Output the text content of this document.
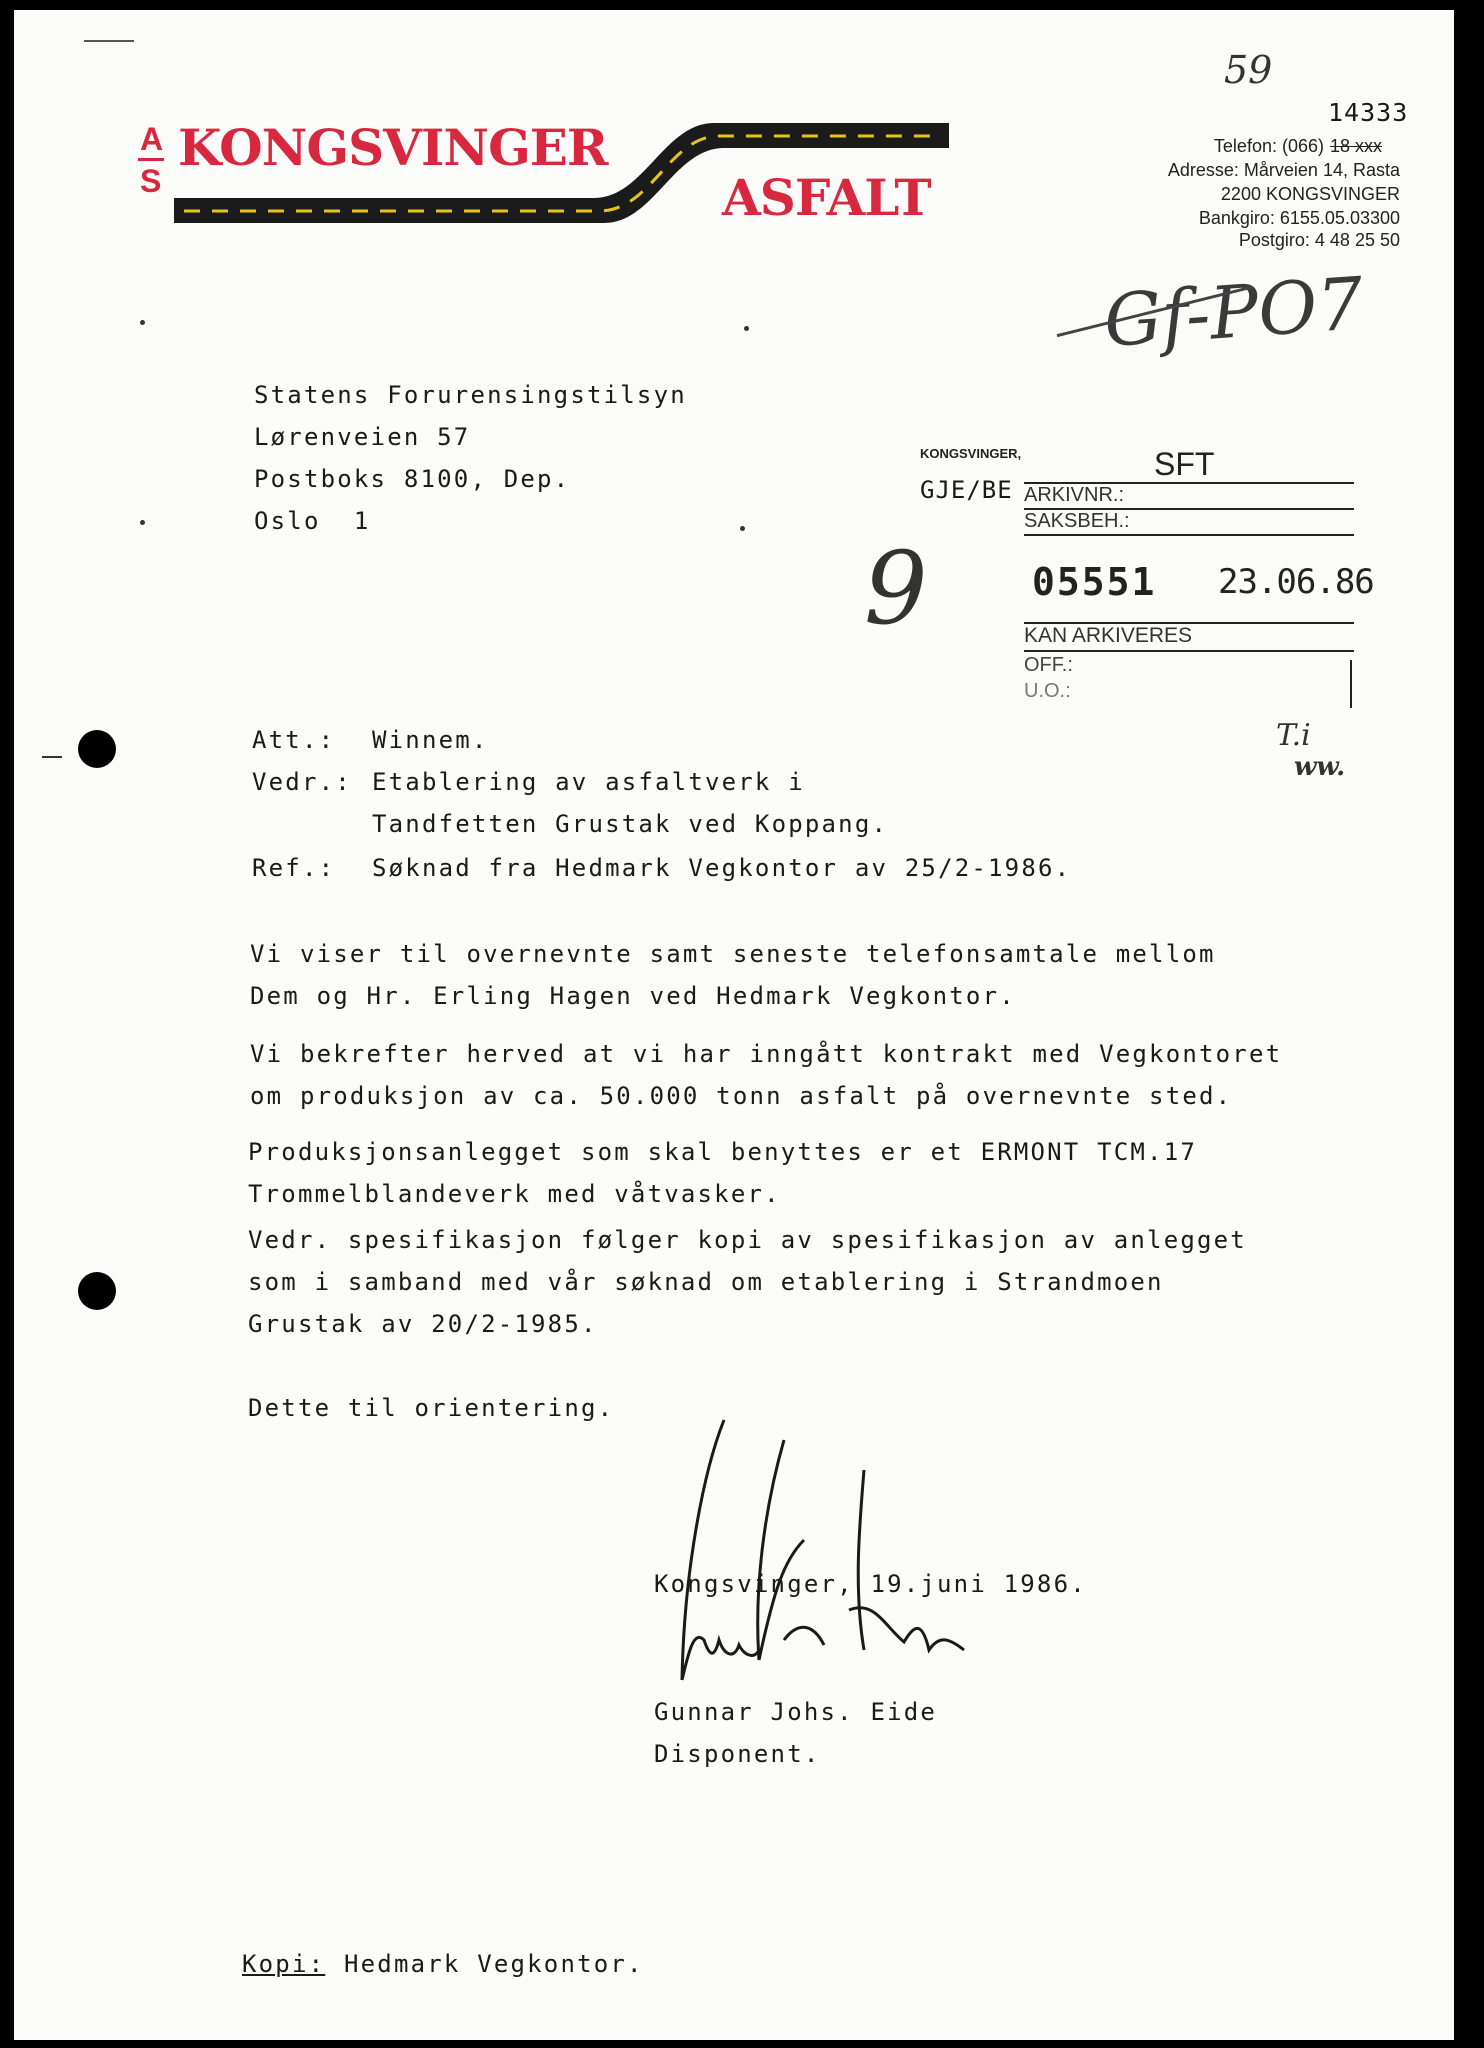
59
A
S
KONGSVINGER
ASFALT
14333
Telefon: (066) 18 xxx
Adresse: Mårveien 14, Rasta
2200 KONGSVINGER
Bankgiro: 6155.05.03300
Postgiro: 4 48 25 50
Gf-PO7
Statens Forurensingstilsyn
Lørenveien 57
Postboks 8100, Dep.
Oslo  1
KONGSVINGER,
GJE/BE
9
SFT
ARKIVNR.:
SAKSBEH.:
05551 23.06.86
KAN ARKIVERES
OFF.:
U.O.:
T.i
ww.
Att.: Winnem.
Vedr.: Etablering av asfaltverk i
Tandfetten Grustak ved Koppang.
Ref.: Søknad fra Hedmark Vegkontor av 25/2-1986.
Vi viser til overnevnte samt seneste telefonsamtale mellom
Dem og Hr. Erling Hagen ved Hedmark Vegkontor.
Vi bekrefter herved at vi har inngått kontrakt med Vegkontoret
om produksjon av ca. 50.000 tonn asfalt på overnevnte sted.
Produksjonsanlegget som skal benyttes er et ERMONT TCM.17
Trommelblandeverk med våtvasker.
Vedr. spesifikasjon følger kopi av spesifikasjon av anlegget
som i samband med vår søknad om etablering i Strandmoen
Grustak av 20/2-1985.
Dette til orientering.
Kongsvinger, 19.juni 1986.
Gunnar Johs. Eide
Disponent.
Kopi: Hedmark Vegkontor.
